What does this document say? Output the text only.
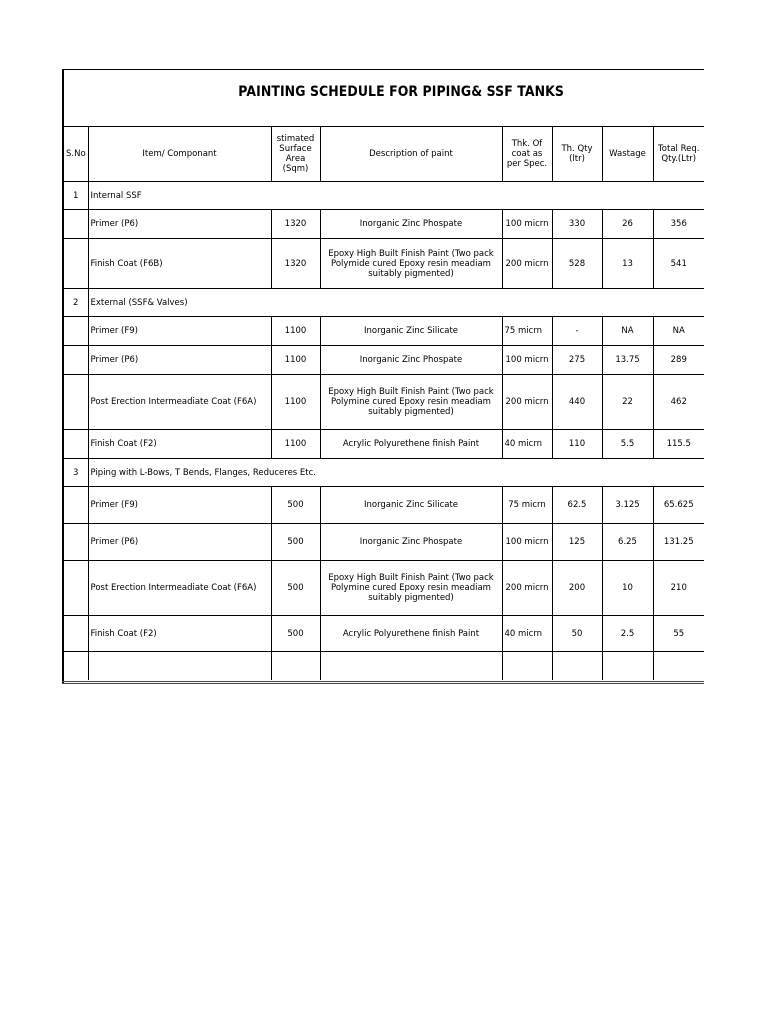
PAINTING SCHEDULE FOR PIPING& SSF TANKS
S.No	Item/ Componant	stimated Surface Area (Sqm)	Description of paint	Thk. Of coat as per Spec.	Th. Qty (ltr)	Wastage	Total Req. Qty.(Ltr)
1	Internal SSF						
	Primer (P6)	1320	Inorganic Zinc Phospate	100 micrn	330	26	356
	Finish Coat (F6B)	1320	Epoxy High Built Finish Paint (Two pack Polymide cured Epoxy resin meadiam suitably pigmented)	200 micrn	528	13	541
2	External (SSF& Valves)						
	Primer (F9)	1100	Inorganic Zinc Silicate	75 micrn	-	NA	NA
	Primer (P6)	1100	Inorganic Zinc Phospate	100 micrn	275	13.75	289
	Post Erection Intermeadiate Coat (F6A)	1100	Epoxy High Built Finish Paint (Two pack Polymine cured Epoxy resin meadiam suitably pigmented)	200 micrn	440	22	462
	Finish Coat (F2)	1100	Acrylic Polyurethene finish Paint	40 micrn	110	5.5	115.5
3	Piping with L-Bows, T Bends, Flanges, Reduceres Etc.						
	Primer (F9)	500	Inorganic Zinc Silicate	75 micrn	62.5	3.125	65.625
	Primer (P6)	500	Inorganic Zinc Phospate	100 micrn	125	6.25	131.25
	Post Erection Intermeadiate Coat (F6A)	500	Epoxy High Built Finish Paint (Two pack Polymine cured Epoxy resin meadiam suitably pigmented)	200 micrn	200	10	210
	Finish Coat (F2)	500	Acrylic Polyurethene finish Paint	40 micrn	50	2.5	55
